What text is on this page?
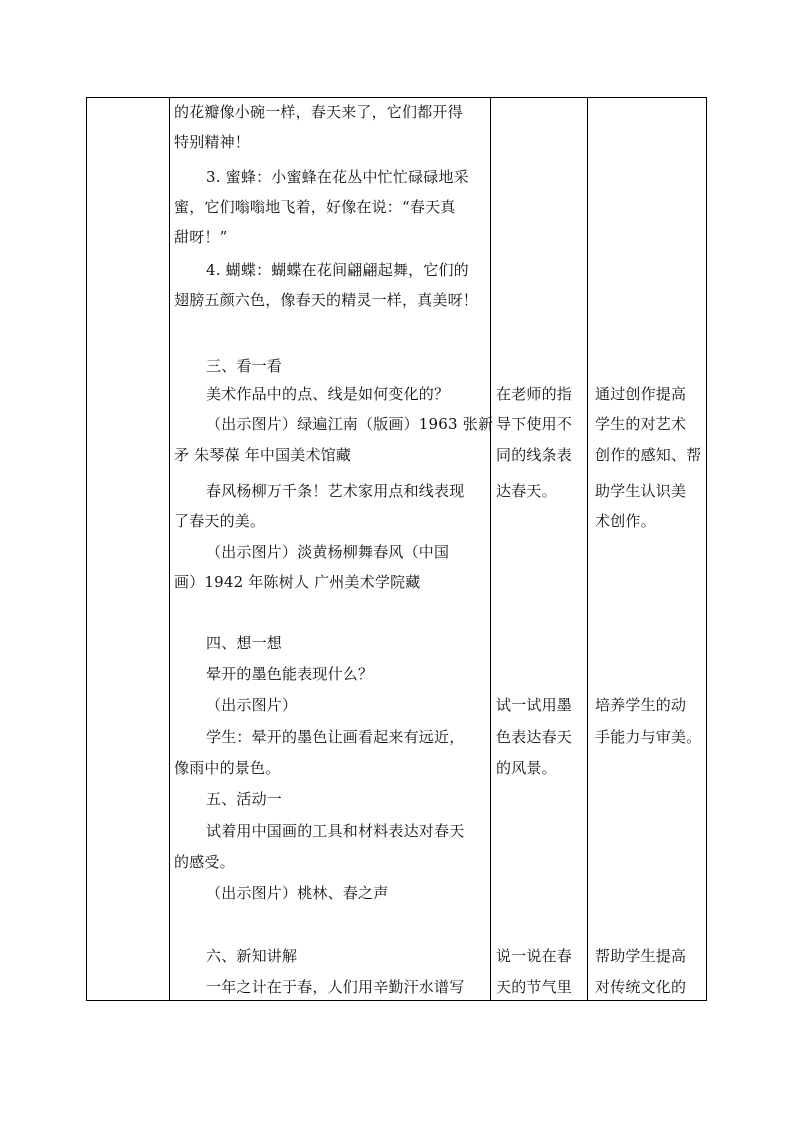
的花瓣像小碗一样，春天来了，它们都开得
特别精神！
3. 蜜蜂：小蜜蜂在花丛中忙忙碌碌地采
蜜，它们嗡嗡地飞着，好像在说：“春天真
甜呀！”
4. 蝴蝶：蝴蝶在花间翩翩起舞，它们的
翅膀五颜六色，像春天的精灵一样，真美呀！
三、看一看
美术作品中的点、线是如何变化的？
（出示图片）绿遍江南（版画）1963 张新
矛 朱琴葆 年中国美术馆藏
春风杨柳万千条！艺术家用点和线表现
了春天的美。
（出示图片）淡黄杨柳舞春风（中国
画）1942 年陈树人 广州美术学院藏
四、想一想
晕开的墨色能表现什么？
（出示图片）
学生：晕开的墨色让画看起来有远近，
像雨中的景色。
五、活动一
试着用中国画的工具和材料表达对春天
的感受。
（出示图片）桃林、春之声
六、新知讲解
一年之计在于春，人们用辛勤汗水谱写
在老师的指
导下使用不
同的线条表
达春天。
试一试用墨
色表达春天
的风景。
说一说在春
天的节气里
通过创作提高
学生的对艺术
创作的感知、帮
助学生认识美
术创作。
培养学生的动
手能力与审美。
帮助学生提高
对传统文化的
